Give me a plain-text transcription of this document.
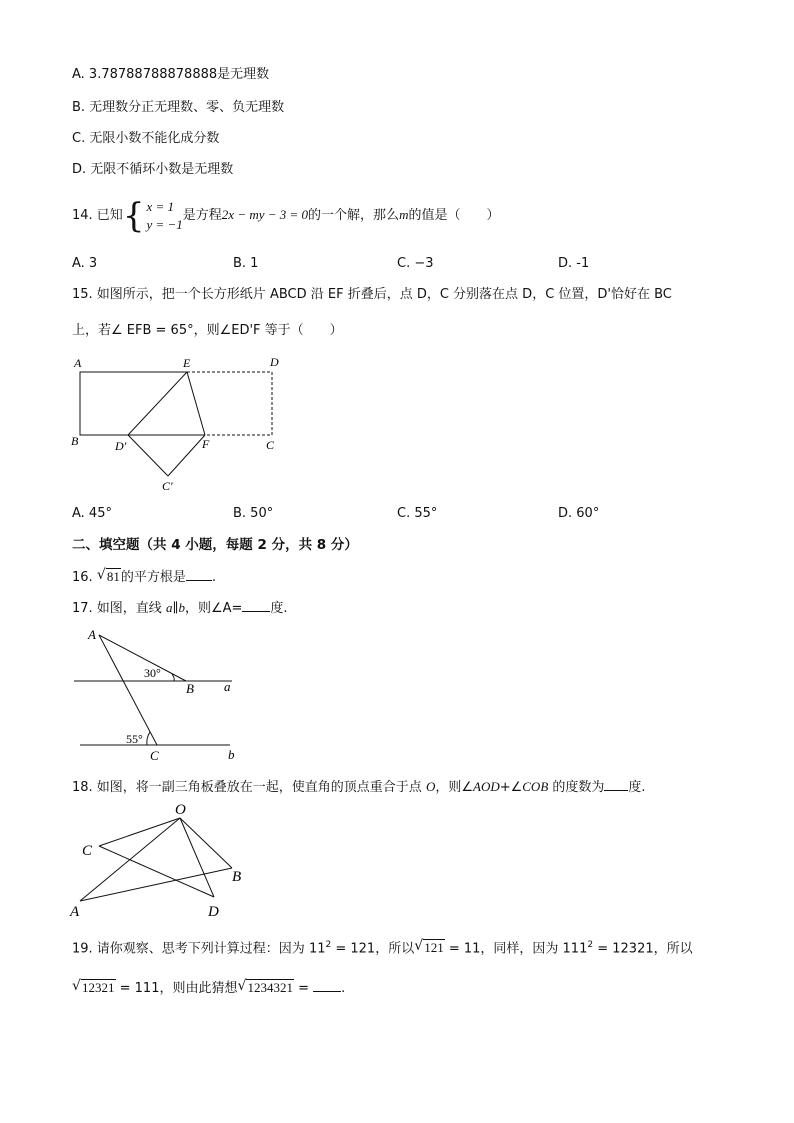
A. 3.78788788878888是无理数
B. 无理数分正无理数、零、负无理数
C. 无限小数不能化成分数
D. 无限不循环小数是无理数
14. 已知{ x = 1
y = −1是方程2x − my − 3 = 0的一个解，那么m的值是（　　）
A. 3	B. 1	C. −3	D. -1
15. 如图所示，把一个长方形纸片 ABCD 沿 EF 折叠后，点 D，C 分别落在点 D，C 位置，D'恰好在 BC
上，若∠ EFB = 65°，则∠ED'F 等于（　　）
A	E	D
B	D′	F	C
C′
A. 45°	B. 50°	C. 55°	D. 60°
二、填空题（共 4 小题，每题 2 分，共 8 分）
16. √ 81的平方根是 .
17. 如图，直线 a∥b，则∠A= 度.
A
30°
B a
55°
C	b
18. 如图，将一副三角板叠放在一起，使直角的顶点重合于点 O，则∠AOD+∠COB 的度数为 度.
O
C
B
A	D
19. 请你观察、思考下列计算过程：因为 $11^2 = 121$，所以 √ 121 = 11，同样，因为 $111^2 = 12321$，所以
√ 12321 = 111，则由此猜想 √ 1234321 = .
